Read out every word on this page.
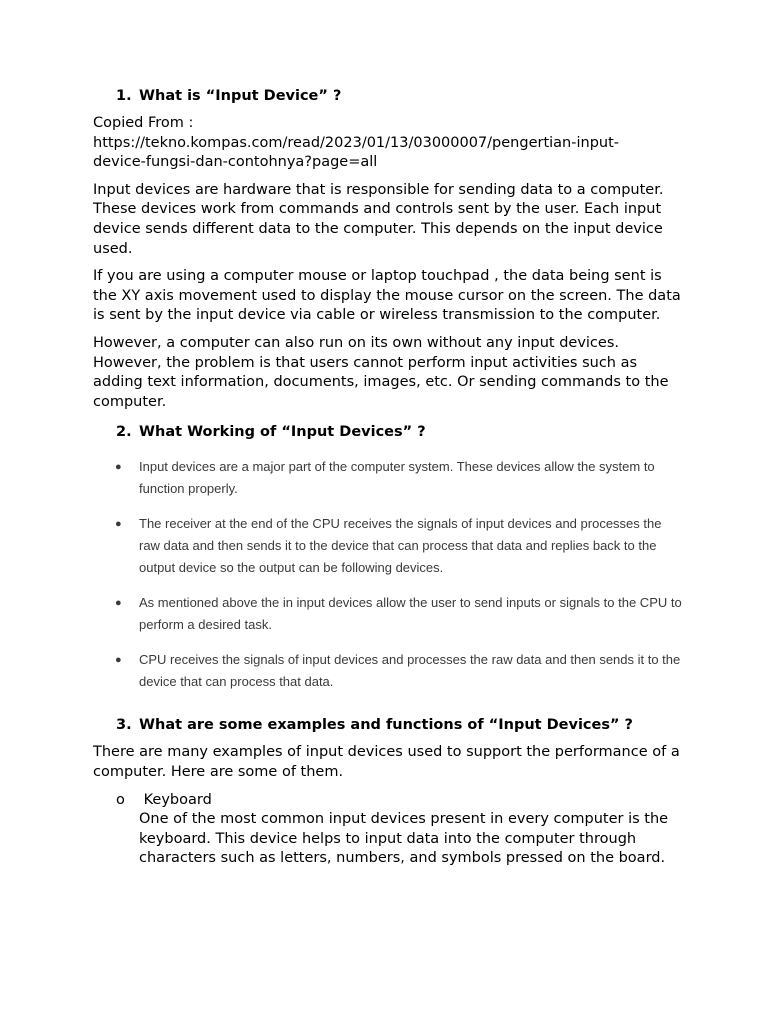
1. What is “Input Device” ?

Copied From :
https://tekno.kompas.com/read/2023/01/13/03000007/pengertian-input-
device-fungsi-dan-contohnya?page=all

Input devices are hardware that is responsible for sending data to a computer. These devices work from commands and controls sent by the user. Each input device sends different data to the computer. This depends on the input device used.

If you are using a computer mouse or laptop touchpad , the data being sent is the XY axis movement used to display the mouse cursor on the screen. The data is sent by the input device via cable or wireless transmission to the computer.

However, a computer can also run on its own without any input devices. However, the problem is that users cannot perform input activities such as adding text information, documents, images, etc. Or sending commands to the computer.

2. What Working of “Input Devices” ?
● Input devices are a major part of the computer system. These devices allow the system to function properly.
● The receiver at the end of the CPU receives the signals of input devices and processes the raw data and then sends it to the device that can process that data and replies back to the output device so the output can be following devices.
● As mentioned above the in input devices allow the user to send inputs or signals to the CPU to perform a desired task.
● CPU receives the signals of input devices and processes the raw data and then sends it to the device that can process that data.
3. What are some examples and functions of “Input Devices” ?

There are many examples of input devices used to support the performance of a computer. Here are some of them.

o	Keyboard
One of the most common input devices present in every computer is the keyboard. This device helps to input data into the computer through characters such as letters, numbers, and symbols pressed on the board.
